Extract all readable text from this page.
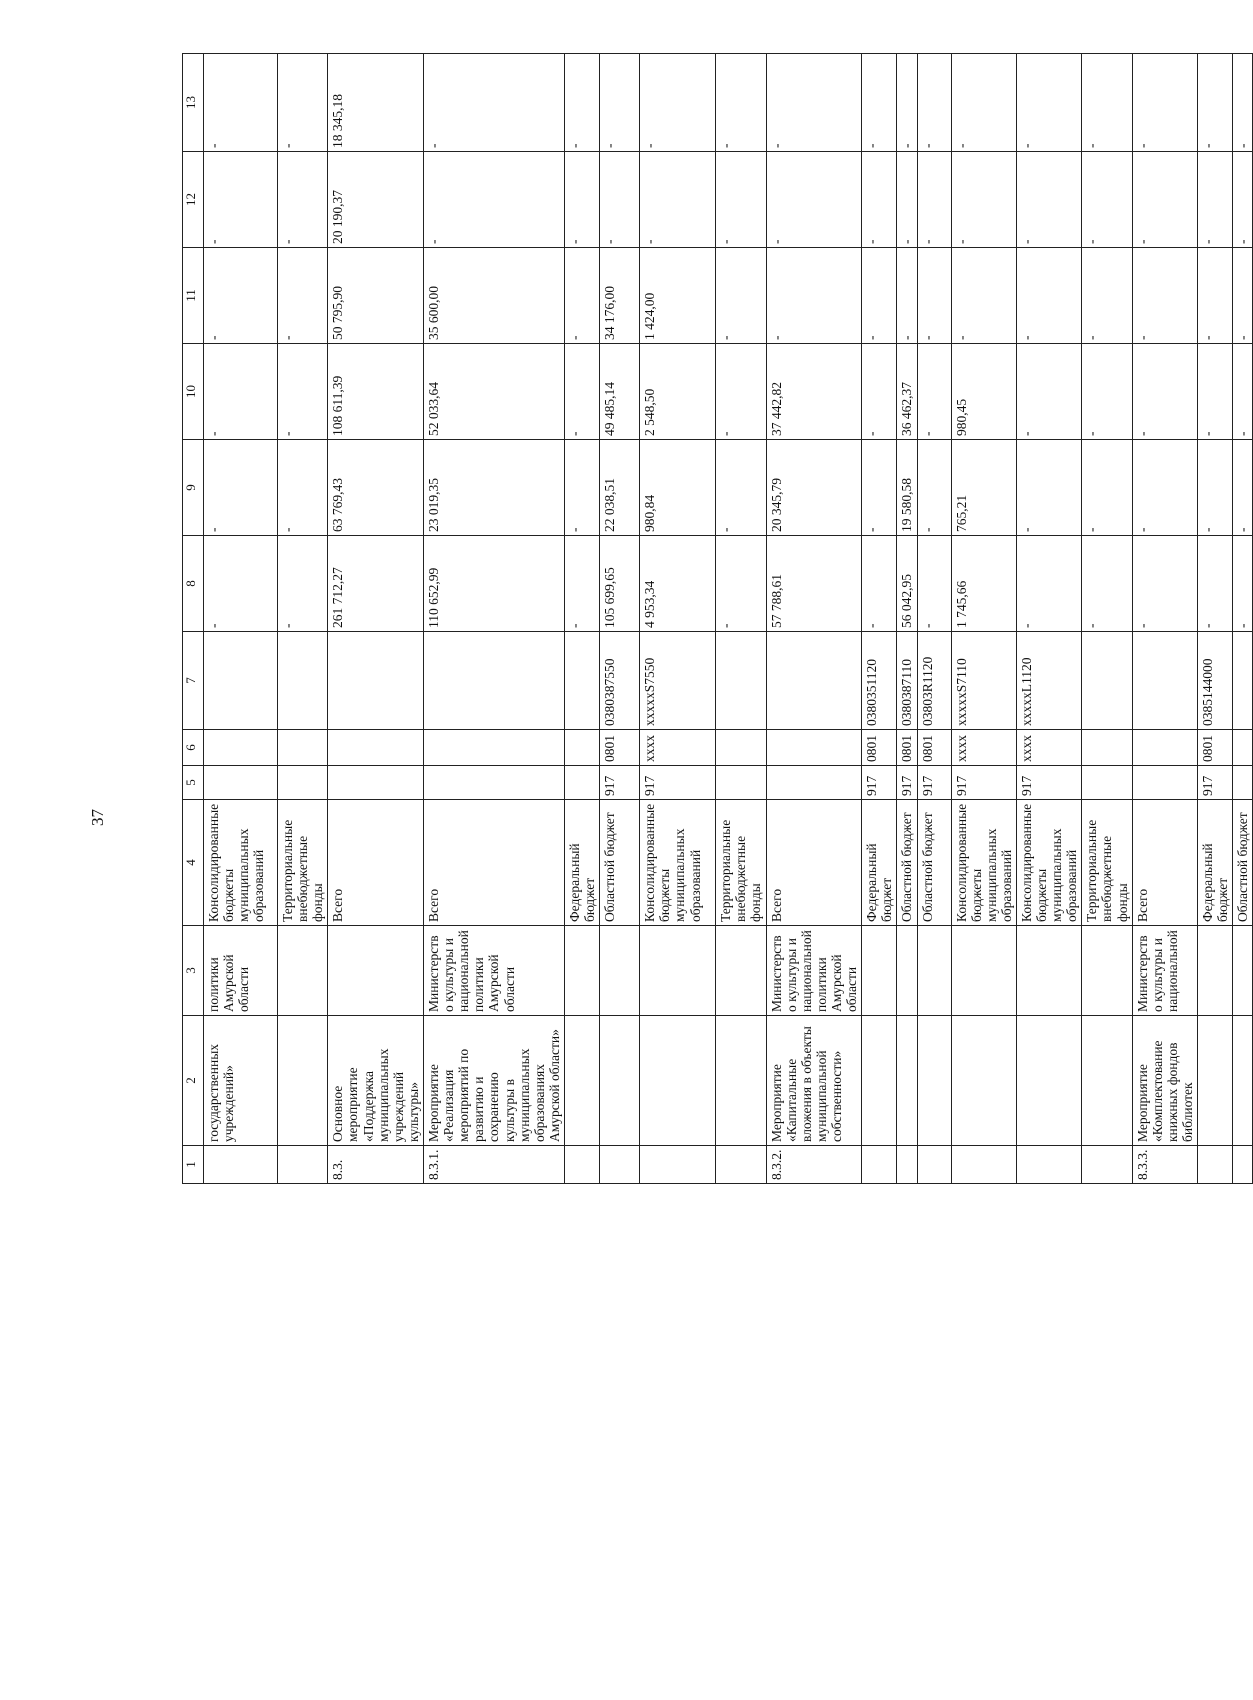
37
1	2	3	4	5	6	7	8	9	10	11	12	13
	государственных учреждений»	политики Амурской области	Консолидированные бюджеты муниципальных образований				-	-	-	-	-	-
			Территориальные внебюджетные фонды				-	-	-	-	-	-
8.3.	Основное мероприятие «Поддержка муниципальных учреждений культуры»		Всего				261 712,27	63 769,43	108 611,39	50 795,90	20 190,37	18 345,18
8.3.1.	Мероприятие «Реализация мероприятий по развитию и сохранению культуры в муниципальных образованиях Амурской области»	Министерство культуры и национальной политики Амурской области	Всего				110 652,99	23 019,35	52 033,64	35 600,00	-	-
			Федеральный бюджет				-	-	-	-	-	-
			Областной бюджет	917	0801	0380387550	105 699,65	22 038,51	49 485,14	34 176,00	-	-
			Консолидированные бюджеты муниципальных образований	917	xxxx	xxxxxS7550	4 953,34	980,84	2 548,50	1 424,00	-	-
			Территориальные внебюджетные фонды				-	-	-	-	-	-
8.3.2.	Мероприятие «Капитальные вложения в объекты муниципальной собственности»	Министерство культуры и национальной политики Амурской области	Всего				57 788,61	20 345,79	37 442,82	-	-	-
			Федеральный бюджет	917	0801	0380351120	-	-	-	-	-	-
			Областной бюджет	917	0801	0380387110	56 042,95	19 580,58	36 462,37	-	-	-
			Областной бюджет	917	0801	03803R1120	-	-	-	-	-	-
			Консолидированные бюджеты муниципальных образований	917	xxxx	xxxxxS7110	1 745,66	765,21	980,45	-	-	-
			Консолидированные бюджеты муниципальных образований	917	xxxx	xxxxxL1120	-	-	-	-	-	-
			Территориальные внебюджетные фонды				-	-	-	-	-	-
8.3.3.	Мероприятие «Комплектование книжных фондов библиотек	Министерство культуры и национальной	Всего				-	-	-	-	-	-
			Федеральный бюджет	917	0801	0385144000	-	-	-	-	-	-
			Областной бюджет				-	-	-	-	-	-
